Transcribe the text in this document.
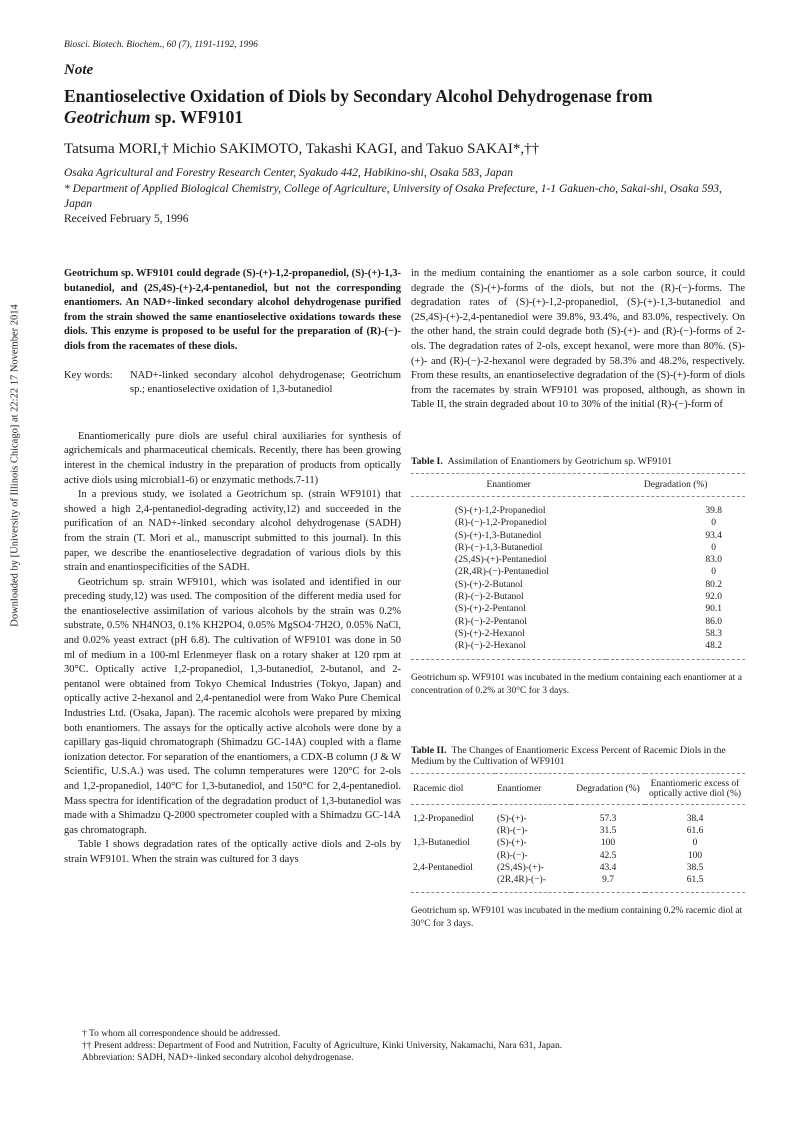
Downloaded by [University of Illinois Chicago] at 22:22 17 November 2014
Biosci. Biotech. Biochem., 60 (7), 1191-1192, 1996
Note
Enantioselective Oxidation of Diols by Secondary Alcohol Dehydrogenase from
Geotrichum sp. WF9101
Tatsuma MORI,† Michio SAKIMOTO, Takashi KAGI, and Takuo SAKAI*,††
Osaka Agricultural and Forestry Research Center, Syakudo 442, Habikino-shi, Osaka 583, Japan
* Department of Applied Biological Chemistry, College of Agriculture, University of Osaka Prefecture, 1-1 Gakuen-cho, Sakai-shi, Osaka 593, Japan
Received February 5, 1996
Geotrichum sp. WF9101 could degrade (S)-(+)-1,2-propanediol, (S)-(+)-1,3-butanediol, and (2S,4S)-(+)-2,4-pentanediol, but not the corresponding enantiomers. An NAD+-linked secondary alcohol dehydrogenase purified from the strain showed the same enantioselective oxidations towards these diols. This enzyme is proposed to be useful for the preparation of (R)-(−)-diols from the racemates of these diols.
Key words:	NAD+-linked secondary alcohol dehydrogenase; Geotrichum sp.; enantioselective oxidation of 1,3-butanediol

Enantiomerically pure diols are useful chiral auxiliaries for synthesis of agrichemicals and pharmaceutical chemicals. Recently, there has been growing interest in the chemical industry in the preparation of products from optically active diols using microbial1-6) or enzymatic methods.7-11)

In a previous study, we isolated a Geotrichum sp. (strain WF9101) that showed a high 2,4-pentanediol-degrading activity,12) and succeeded in the purification of an NAD+-linked secondary alcohol dehydrogenase (SADH) from the strain (T. Mori et al., manuscript submitted to this journal). In this paper, we describe the enantioselective degradation of various diols by this strain and enantiospecificities of the SADH.

Geotrichum sp. strain WF9101, which was isolated and identified in our preceding study,12) was used. The composition of the different media used for the enantioselective assimilation of various alcohols by the strain was 0.2% substrate, 0.5% NH4NO3, 0.1% KH2PO4, 0.05% MgSO4·7H2O, 0.05% NaCl, and 0.02% yeast extract (pH 6.8). The cultivation of WF9101 was done in 50 ml of medium in a 100-ml Erlenmeyer flask on a rotary shaker at 120 rpm at 30°C. Optically active 1,2-propanediol, 1,3-butanediol, 2-butanol, and 2-pentanol were obtained from Tokyo Chemical Industries (Tokyo, Japan) and optically active 2-hexanol and 2,4-pentanediol were from Wako Pure Chemical Industries Ltd. (Osaka, Japan). The racemic alcohols were prepared by mixing both enantiomers. The assays for the optically active alcohols were done by a capillary gas-liquid chromatograph (Shimadzu GC-14A) coupled with a flame ionization detector. For separation of the enantiomers, a CDX-B column (J & W Scientific, U.S.A.) was used. The column temperatures were 120°C for 2-ols and 1,2-propanediol, 140°C for 1,3-butanediol, and 150°C for 2,4-pentanediol. Mass spectra for identification of the degradation product of 1,3-butanediol was made with a Shimadzu Q-2000 spectrometer coupled with a Shimadzu GC-14A gas chromatograph.

Table I shows degradation rates of the optically active diols and 2-ols by strain WF9101. When the strain was cultured for 3 days

in the medium containing the enantiomer as a sole carbon source, it could degrade the (S)-(+)-forms of the diols, but not the (R)-(−)-forms. The degradation rates of (S)-(+)-1,2-propanediol, (S)-(+)-1,3-butanediol and (2S,4S)-(+)-2,4-pentanediol were 39.8%, 93.4%, and 83.0%, respectively. On the other hand, the strain could degrade both (S)-(+)- and (R)-(−)-forms of 2-ols. The degradation rates of 2-ols, except hexanol, were more than 80%. (S)-(+)- and (R)-(−)-2-hexanol were degraded by 58.3% and 48.2%, respectively. From these results, an enantioselective degradation of the (S)-(+)-form of diols from the racemates by strain WF9101 was proposed, although, as shown in Table II, the strain degraded about 10 to 30% of the initial (R)-(−)-form of

Table I. Assimilation of Enantiomers by Geotrichum sp. WF9101

Enantiomer	Degradation (%)
(S)-(+)-1,2-Propanediol	39.8
(R)-(−)-1,2-Propanediol	0
(S)-(+)-1,3-Butanediol	93.4
(R)-(−)-1,3-Butanediol	0
(2S,4S)-(+)-Pentanediol	83.0
(2R,4R)-(−)-Pentanediol	0
(S)-(+)-2-Butanol	80.2
(R)-(−)-2-Butanol	92.0
(S)-(+)-2-Pentanol	90.1
(R)-(−)-2-Pentanol	86.0
(S)-(+)-2-Hexanol	58.3
(R)-(−)-2-Hexanol	48.2
Geotrichum sp. WF9101 was incubated in the medium containing each enantiomer at a concentration of 0.2% at 30°C for 3 days.

Table II. The Changes of Enantiomeric Excess Percent of Racemic Diols in the Medium by the Cultivation of WF9101

Racemic diol	Enantiomer	Degradation (%)	Enantiomeric excess of optically active diol (%)
1,2-Propanediol	(S)-(+)-	57.3	38.4
	(R)-(−)-	31.5	61.6
1,3-Butanediol	(S)-(+)-	100	0
	(R)-(−)-	42.5	100
2,4-Pentanediol	(2S,4S)-(+)-	43.4	38.5
	(2R,4R)-(−)-	9.7	61.5
Geotrichum sp. WF9101 was incubated in the medium containing 0.2% racemic diol at 30°C for 3 days.
† To whom all correspondence should be addressed.
†† Present address: Department of Food and Nutrition, Faculty of Agriculture, Kinki University, Nakamachi, Nara 631, Japan.
Abbreviation: SADH, NAD+-linked secondary alcohol dehydrogenase.
